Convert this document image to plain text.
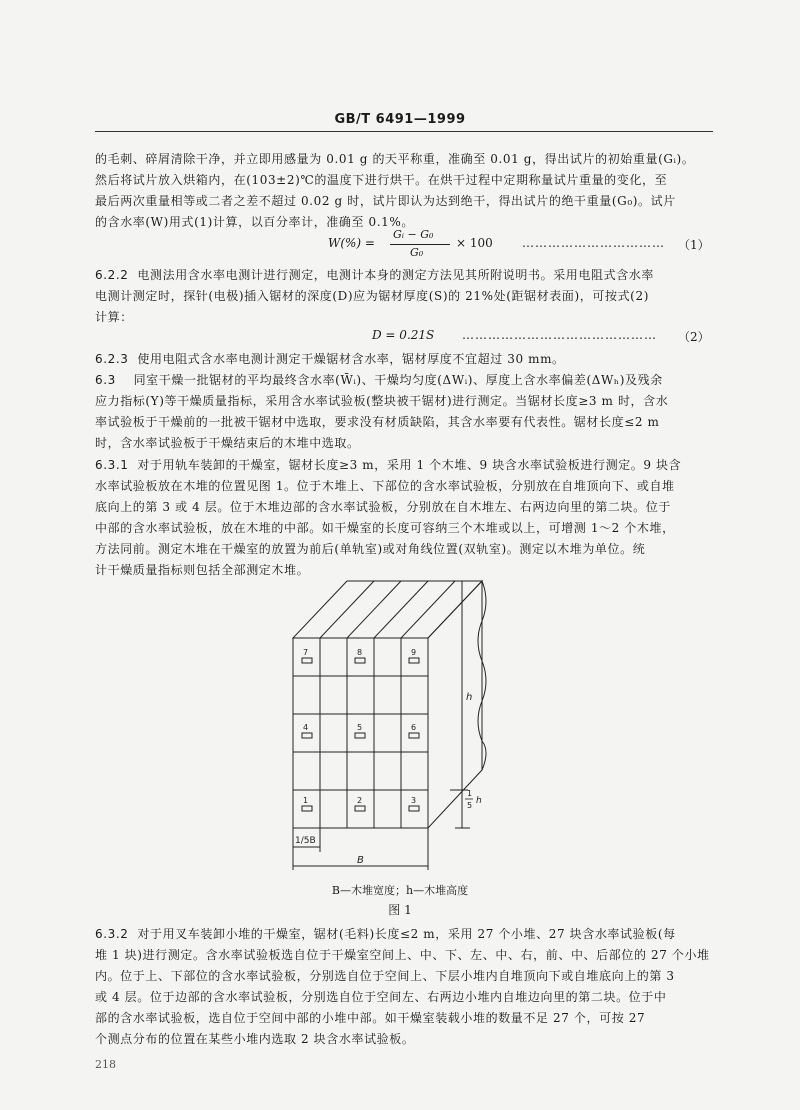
GB/T 6491—1999
的毛刺、碎屑清除干净，并立即用感量为 0.01 g 的天平称重，准确至 0.01 g，得出试片的初始重量(Gᵢ)。
然后将试片放入烘箱内，在(103±2)℃的温度下进行烘干。在烘干过程中定期称量试片重量的变化，至
最后两次重量相等或二者之差不超过 0.02 g 时，试片即认为达到绝干，得出试片的绝干重量(G₀)。试片
的含水率(W)用式(1)计算，以百分率计，准确至 0.1%。
W(%) =
Gᵢ − G₀
G₀
× 100 …………………………… （1）
6.2.2 电测法用含水率电测计进行测定，电测计本身的测定方法见其所附说明书。采用电阻式含水率
电测计测定时，探针(电极)插入锯材的深度(D)应为锯材厚度(S)的 21%处(距锯材表面)，可按式(2)
计算：
D = 0.21S ……………………………………… （2）
6.2.3 使用电阻式含水率电测计测定干燥锯材含水率，锯材厚度不宜超过 30 mm。
6.3 同室干燥一批锯材的平均最终含水率(W̄ᵢ)、干燥均匀度(ΔWᵢ)、厚度上含水率偏差(ΔWₕ)及残余
应力指标(Y)等干燥质量指标，采用含水率试验板(整块被干锯材)进行测定。当锯材长度≥3 m 时，含水
率试验板于干燥前的一批被干锯材中选取，要求没有材质缺陷，其含水率要有代表性。锯材长度≤2 m
时，含水率试验板于干燥结束后的木堆中选取。
6.3.1 对于用轨车装卸的干燥室，锯材长度≥3 m，采用 1 个木堆、9 块含水率试验板进行测定。9 块含
水率试验板放在木堆的位置见图 1。位于木堆上、下部位的含水率试验板，分别放在自堆顶向下、或自堆
底向上的第 3 或 4 层。位于木堆边部的含水率试验板，分别放在自木堆左、右两边向里的第二块。位于
中部的含水率试验板，放在木堆的中部。如干燥室的长度可容纳三个木堆或以上，可增测 1～2 个木堆，
方法同前。测定木堆在干燥室的放置为前后(单轨室)或对角线位置(双轨室)。测定以木堆为单位。统
计干燥质量指标则包括全部测定木堆。
7	8	9
4	5	6
1	2	3
h
1/5B
B
1
5 h
B—木堆宽度；h—木堆高度
图 1
6.3.2 对于用叉车装卸小堆的干燥室，锯材(毛料)长度≤2 m，采用 27 个小堆、27 块含水率试验板(每
堆 1 块)进行测定。含水率试验板选自位于干燥室空间上、中、下、左、中、右，前、中、后部位的 27 个小堆
内。位于上、下部位的含水率试验板，分别选自位于空间上、下层小堆内自堆顶向下或自堆底向上的第 3
或 4 层。位于边部的含水率试验板，分别选自位于空间左、右两边小堆内自堆边向里的第二块。位于中
部的含水率试验板，选自位于空间中部的小堆中部。如干燥室装载小堆的数量不足 27 个，可按 27
个测点分布的位置在某些小堆内选取 2 块含水率试验板。
218
